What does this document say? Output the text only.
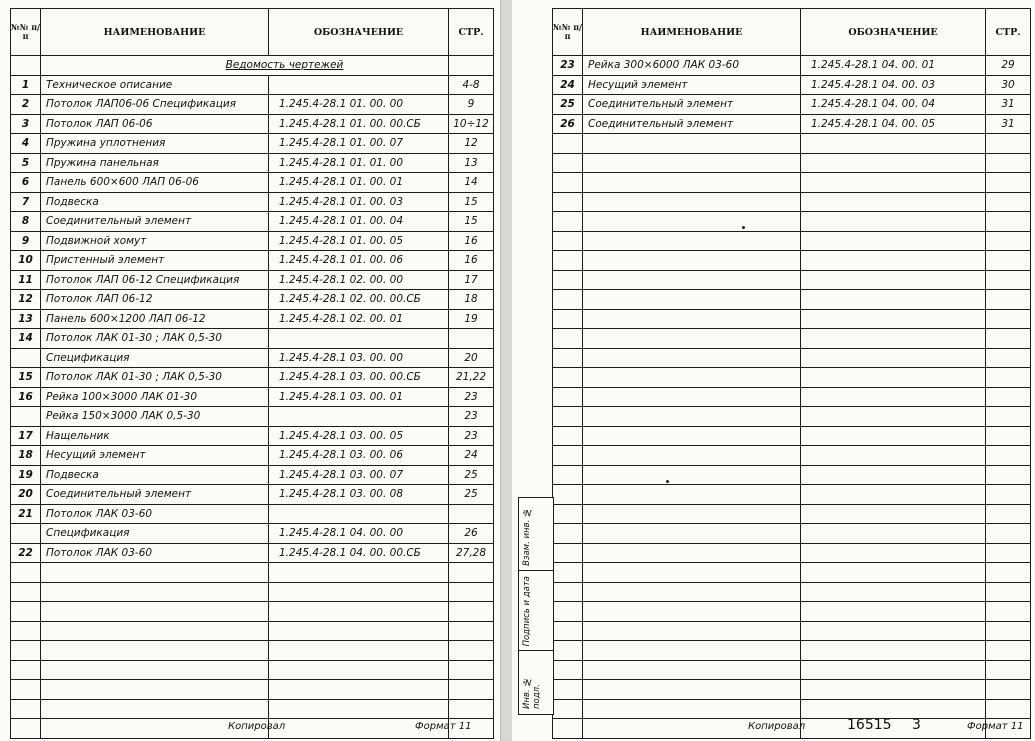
№№ п/п	НАИМЕНОВАНИЕ	ОБОЗНАЧЕНИЕ	СТР.
	Ведомость чертежей		
1	Техническое описание		4-8
2	Потолок ЛАП06-06 Спецификация	1.245.4-28.1 01. 00. 00	9
3	Потолок ЛАП 06-06	1.245.4-28.1 01. 00. 00.СБ	10÷12
4	Пружина уплотнения	1.245.4-28.1 01. 00. 07	12
5	Пружина панельная	1.245.4-28.1 01. 01. 00	13
6	Панель 600×600 ЛАП 06-06	1.245.4-28.1 01. 00. 01	14
7	Подвеска	1.245.4-28.1 01. 00. 03	15
8	Соединительный элемент	1.245.4-28.1 01. 00. 04	15
9	Подвижной хомут	1.245.4-28.1 01. 00. 05	16
10	Пристенный элемент	1.245.4-28.1 01. 00. 06	16
11	Потолок ЛАП 06-12 Спецификация	1.245.4-28.1 02. 00. 00	17
12	Потолок ЛАП 06-12	1.245.4-28.1 02. 00. 00.СБ	18
13	Панель 600×1200 ЛАП 06-12	1.245.4-28.1 02. 00. 01	19
14	Потолок ЛАК 01-30 ; ЛАК 0,5-30		
	Спецификация	1.245.4-28.1 03. 00. 00	20
15	Потолок ЛАК 01-30 ; ЛАК 0,5-30	1.245.4-28.1 03. 00. 00.СБ	21,22
16	Рейка 100×3000 ЛАК 01-30	1.245.4-28.1 03. 00. 01	23
	Рейка 150×3000 ЛАК 0,5-30		23
17	Нащельник	1.245.4-28.1 03. 00. 05	23
18	Несущий элемент	1.245.4-28.1 03. 00. 06	24
19	Подвеска	1.245.4-28.1 03. 00. 07	25
20	Соединительный элемент	1.245.4-28.1 03. 00. 08	25
21	Потолок ЛАК 03-60		
	Спецификация	1.245.4-28.1 04. 00. 00	26
22	Потолок ЛАК 03-60	1.245.4-28.1 04. 00. 00.СБ	27,28

Копировал	Формат 11
№№ п/п	НАИМЕНОВАНИЕ	ОБОЗНАЧЕНИЕ	СТР.
23	Рейка 300×6000 ЛАК 03-60	1.245.4-28.1 04. 00. 01	29
24	Несущий элемент	1.245.4-28.1 04. 00. 03	30
25	Соединительный элемент	1.245.4-28.1 04. 00. 04	31
26	Соединительный элемент	1.245.4-28.1 04. 00. 05	31

Копировал	16515 3	Формат 11
Взам. инв. №
Подпись и дата
Инв. № подл.
